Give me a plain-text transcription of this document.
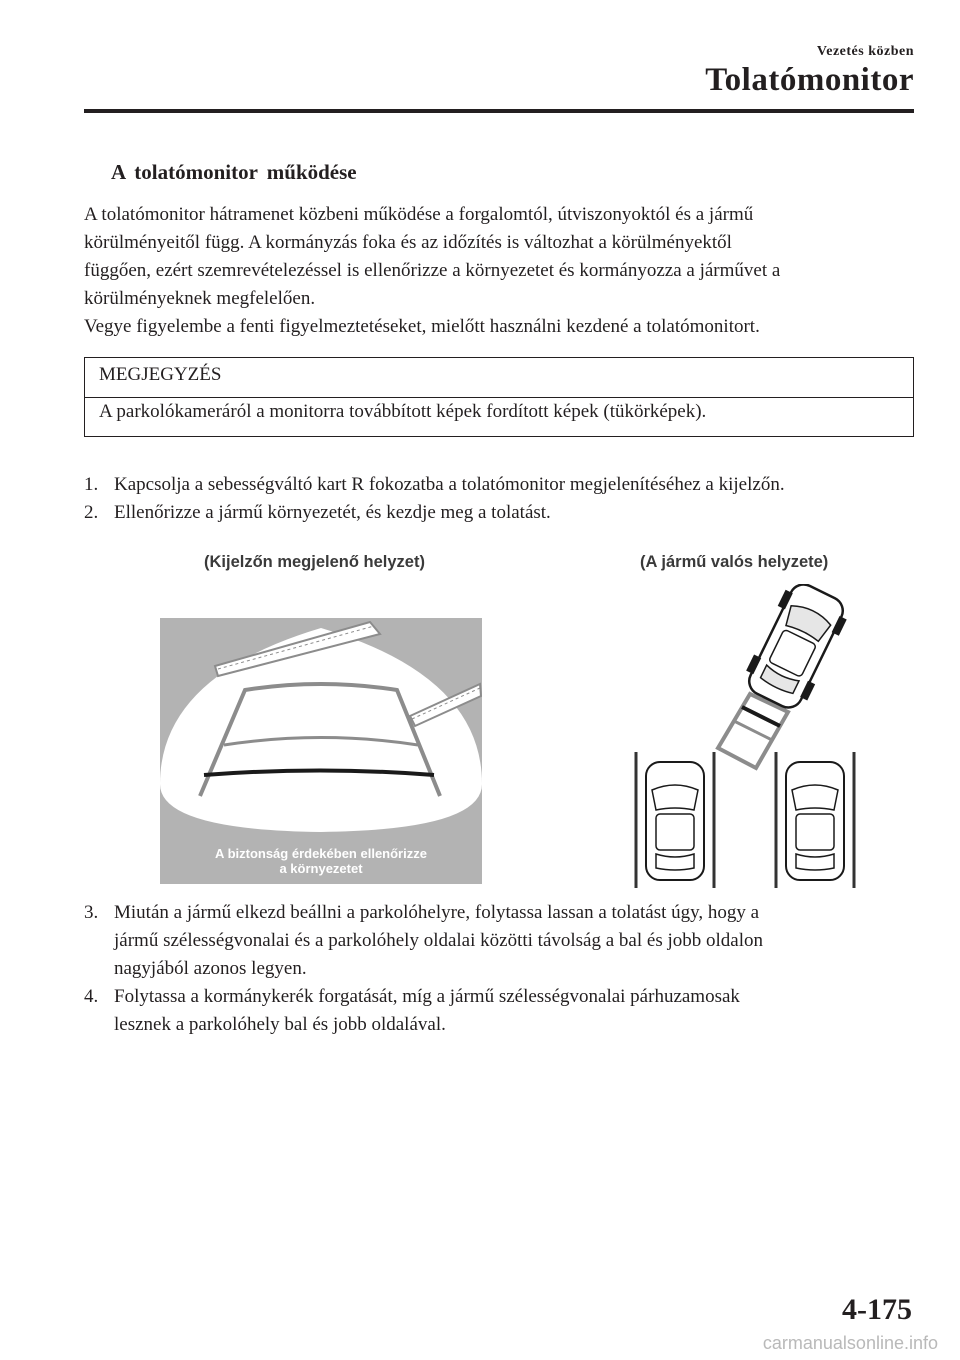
Vezetés közben
Tolatómonitor
A tolatómonitor működése

A tolatómonitor hátramenet közbeni működése a forgalomtól, útviszonyoktól és a jármű

körülményeitől függ. A kormányzás foka és az időzítés is változhat a körülményektől

függően, ezért szemrevételezéssel is ellenőrizze a környezetet és kormányozza a járművet a

körülményeknek megfelelően.

Vegye figyelembe a fenti figyelmeztetéseket, mielőtt használni kezdené a tolatómonitort.

MEGJEGYZÉS
A parkolókameráról a monitorra továbbított képek fordított képek (tükörképek).
1. Kapcsolja a sebességváltó kart R fokozatba a tolatómonitor megjelenítéséhez a kijelzőn.
2. Ellenőrizze a jármű környezetét, és kezdje meg a tolatást.
(Kijelzőn megjelenő helyzet)	(A jármű valós helyzete)
A biztonság érdekében ellenőrizze
a környezetet
3. Miután a jármű elkezd beállni a parkolóhelyre, folytassa lassan a tolatást úgy, hogy a
jármű szélességvonalai és a parkolóhely oldalai közötti távolság a bal és jobb oldalon
nagyjából azonos legyen.
4. Folytassa a kormánykerék forgatását, míg a jármű szélességvonalai párhuzamosak
lesznek a parkolóhely bal és jobb oldalával.
4-175
carmanualsonline.info
